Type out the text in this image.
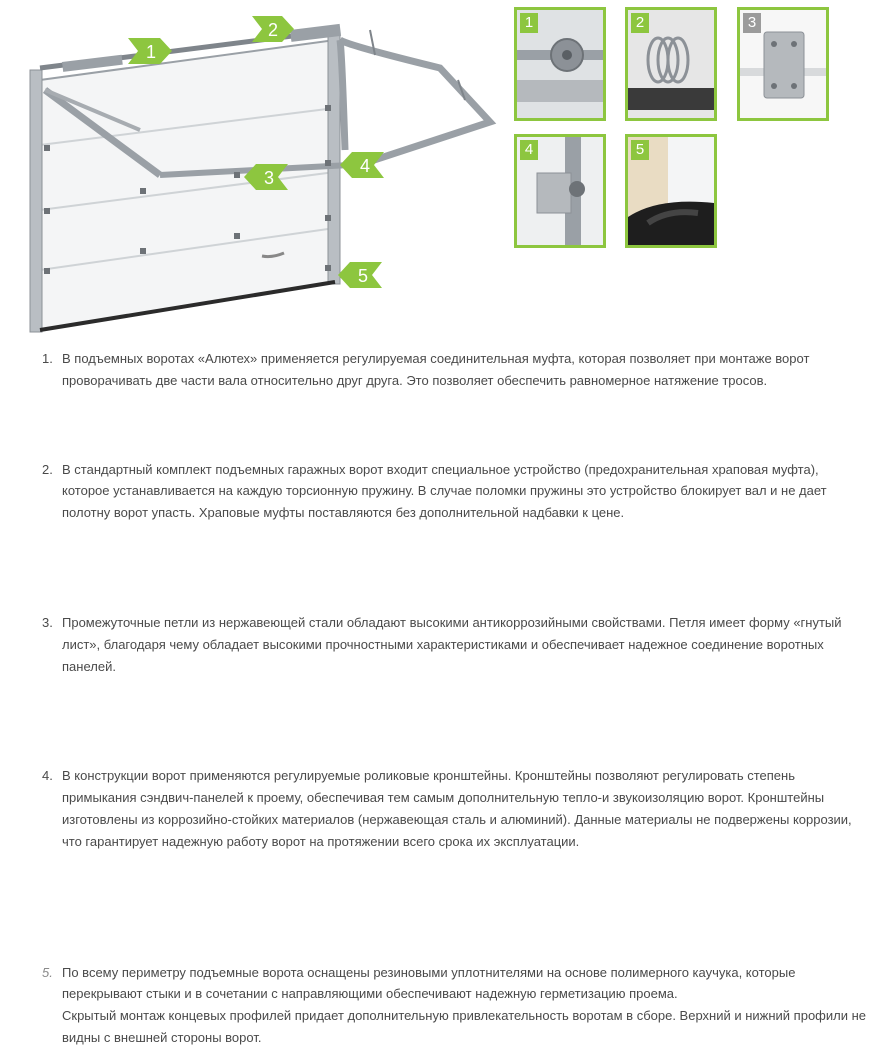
1
2
3
4
5
1	2	3
4	5
1. В подъемных воротах «Алютех» применяется регулируемая соединительная муфта, которая позволяет при монтаже ворот проворачивать две части вала относительно друг друга. Это позволяет обеспечить равномерное натяжение тросов.
2. В стандартный комплект подъемных гаражных ворот входит специальное устройство (предохранительная храповая муфта), которое устанавливается на каждую торсионную пружину. В случае поломки пружины это устройство блокирует вал и не дает полотну ворот упасть. Храповые муфты поставляются без дополнительной надбавки к цене.
3. Промежуточные петли из нержавеющей стали обладают высокими антикоррозийными свойствами. Петля имеет форму «гнутый лист», благодаря чему обладает высокими прочностными характеристиками и обеспечивает надежное соединение воротных панелей.
4. В конструкции ворот применяются регулируемые роликовые кронштейны. Кронштейны позволяют регулировать степень примыкания сэндвич-панелей к проему, обеспечивая тем самым дополнительную тепло-и звукоизоляцию ворот. Кронштейны изготовлены из коррозийно-стойких материалов (нержавеющая сталь и алюминий). Данные материалы не подвержены коррозии, что гарантирует надежную работу ворот на протяжении всего срока их эксплуатации.
5. По всему периметру подъемные ворота оснащены резиновыми уплотнителями на основе полимерного каучука, которые перекрывают стыки и в сочетании с направляющими обеспечивают надежную герметизацию проема.
Скрытый монтаж концевых профилей придает дополнительную привлекательность воротам в сборе. Верхний и нижний профили не видны с внешней стороны ворот.
